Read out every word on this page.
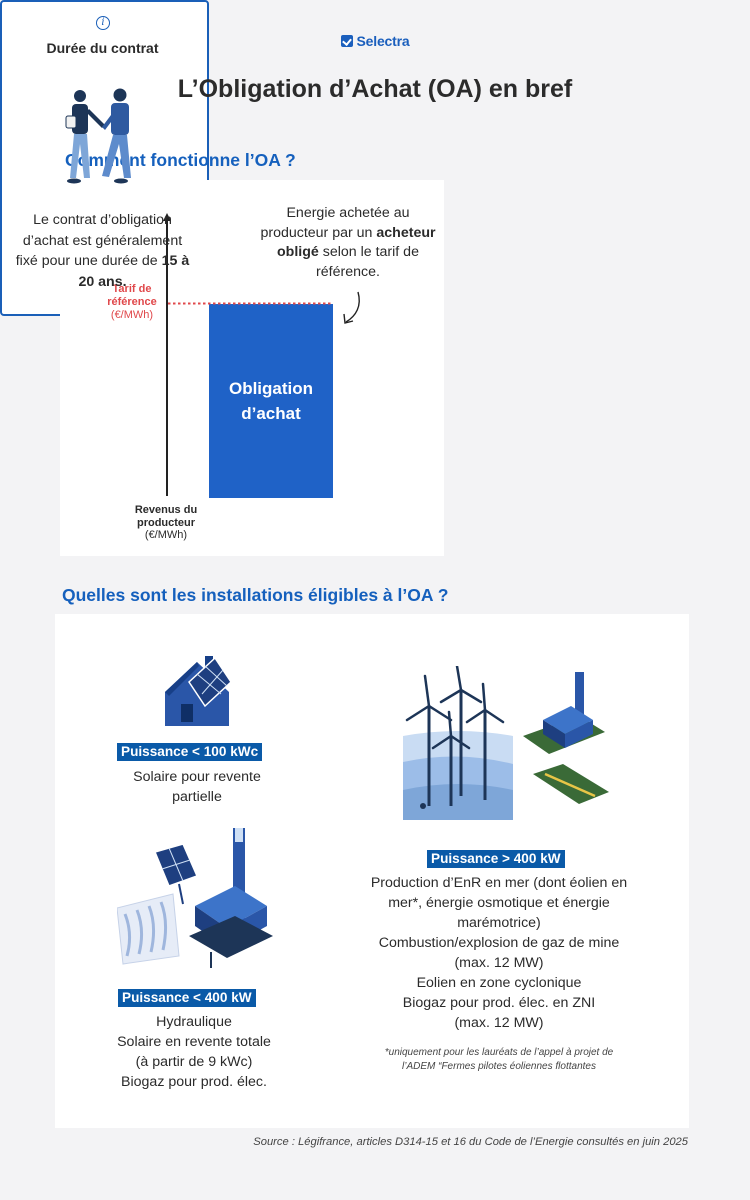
Selectra
L’Obligation d’Achat (OA) en bref
Comment fonctionne l’OA ?
Tarif de
référence
(€/MWh)
Obligation
d’achat
Energie achetée au producteur par un acheteur obligé selon le tarif de référence.
Revenus du
producteur
(€/MWh)
i
Durée du contrat
Le contrat d’obligation d’achat est généralement fixé pour une durée de 15 à 20 ans.
Quelles sont les installations éligibles à l’OA ?
Puissance < 100 kWc
Solaire pour revente
partielle
Puissance < 400 kW
Hydraulique
Solaire en revente totale
(à partir de 9 kWc)
Biogaz pour prod. élec.
Puissance > 400 kW
Production d’EnR en mer (dont éolien en
mer*, énergie osmotique et énergie
marémotrice)
Combustion/explosion de gaz de mine
(max. 12 MW)
Eolien en zone cyclonique
Biogaz pour prod. élec. en ZNI
(max. 12 MW)
*uniquement pour les lauréats de l’appel à projet de
l’ADEM “Fermes pilotes éoliennes flottantes
Source : Légifrance, articles D314-15 et 16 du Code de l’Energie consultés en juin 2025
